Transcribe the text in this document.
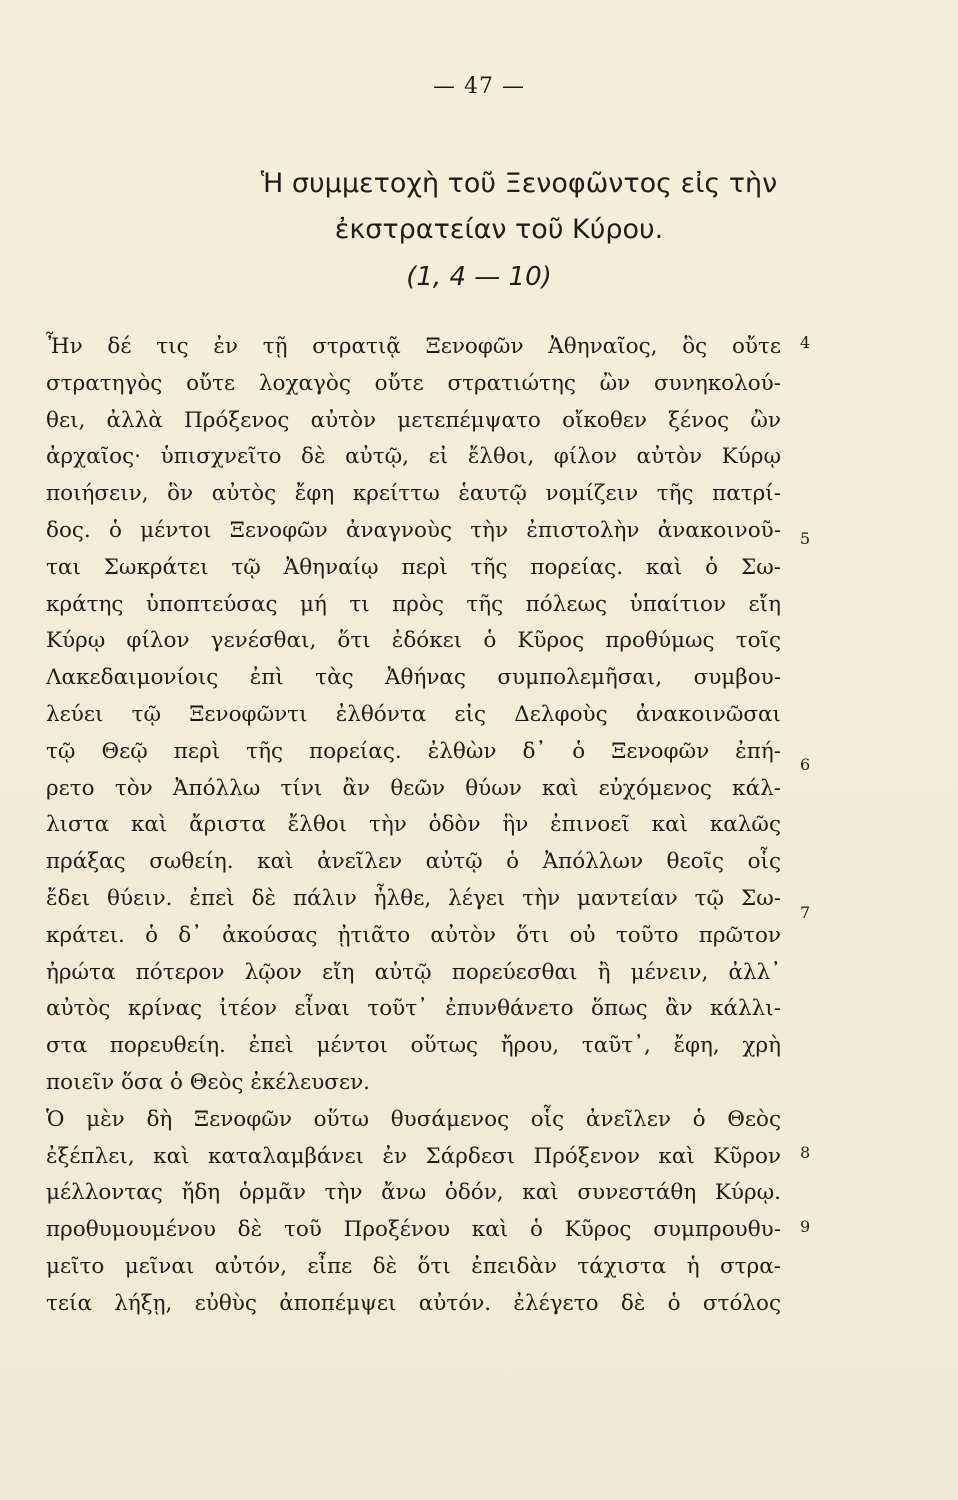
— 47 —
Ἡ συμμετοχὴ τοῦ Ξενοφῶντος εἰς τὴν
ἐκστρατείαν τοῦ Κύρου.
(1, 4 — 10)
Ἦν δέ τις ἐν τῇ στρατιᾷ Ξενοφῶν Ἀθηναῖος, ὃς οὔτε
στρατηγὸς οὔτε λοχαγὸς οὔτε στρατιώτης ὢν συνηκολού-
θει, ἀλλὰ Πρόξενος αὐτὸν μετεπέμψατο οἴκοθεν ξένος ὢν
ἀρχαῖος· ὑπισχνεῖτο δὲ αὐτῷ, εἰ ἔλθοι, φίλον αὐτὸν Κύρῳ
ποιήσειν, ὃν αὐτὸς ἔφη κρείττω ἑαυτῷ νομίζειν τῆς πατρί-
δος. ὁ μέντοι Ξενοφῶν ἀναγνοὺς τὴν ἐπιστολὴν ἀνακοινοῦ-
ται Σωκράτει τῷ Ἀθηναίῳ περὶ τῆς πορείας. καὶ ὁ Σω-
κράτης ὑποπτεύσας μή τι πρὸς τῆς πόλεως ὑπαίτιον εἴη
Κύρῳ φίλον γενέσθαι, ὅτι ἐδόκει ὁ Κῦρος προθύμως τοῖς
Λακεδαιμονίοις ἐπὶ τὰς Ἀθήνας συμπολεμῆσαι, συμβου-
λεύει τῷ Ξενοφῶντι ἐλθόντα εἰς Δελφοὺς ἀνακοινῶσαι
τῷ Θεῷ περὶ τῆς πορείας. ἐλθὼν δ᾽ ὁ Ξενοφῶν ἐπή-
ρετο τὸν Ἀπόλλω τίνι ἂν θεῶν θύων καὶ εὐχόμενος κάλ-
λιστα καὶ ἄριστα ἔλθοι τὴν ὁδὸν ἣν ἐπινοεῖ καὶ καλῶς
πράξας σωθείη. καὶ ἀνεῖλεν αὐτῷ ὁ Ἀπόλλων θεοῖς οἷς
ἔδει θύειν. ἐπεὶ δὲ πάλιν ἦλθε, λέγει τὴν μαντείαν τῷ Σω-
κράτει. ὁ δ᾽ ἀκούσας ᾐτιᾶτο αὐτὸν ὅτι οὐ τοῦτο πρῶτον
ἠρώτα πότερον λῷον εἴη αὐτῷ πορεύεσθαι ἢ μένειν, ἀλλ᾽
αὐτὸς κρίνας ἰτέον εἶναι τοῦτ᾽ ἐπυνθάνετο ὅπως ἂν κάλλι-
στα πορευθείη. ἐπεὶ μέντοι οὕτως ἤρου, ταῦτ᾽, ἔφη, χρὴ
ποιεῖν ὅσα ὁ Θεὸς ἐκέλευσεν.
Ὁ μὲν δὴ Ξενοφῶν οὕτω θυσάμενος οἷς ἀνεῖλεν ὁ Θεὸς
ἐξέπλει, καὶ καταλαμβάνει ἐν Σάρδεσι Πρόξενον καὶ Κῦρον
μέλλοντας ἤδη ὁρμᾶν τὴν ἄνω ὁδόν, καὶ συνεστάθη Κύρῳ.
προθυμουμένου δὲ τοῦ Προξένου καὶ ὁ Κῦρος συμπρουθυ-
μεῖτο μεῖναι αὐτόν, εἶπε δὲ ὅτι ἐπειδὰν τάχιστα ἡ στρα-
τεία λήξῃ, εὐθὺς ἀποπέμψει αὐτόν. ἐλέγετο δὲ ὁ στόλος
4
5
6
7
8
9
